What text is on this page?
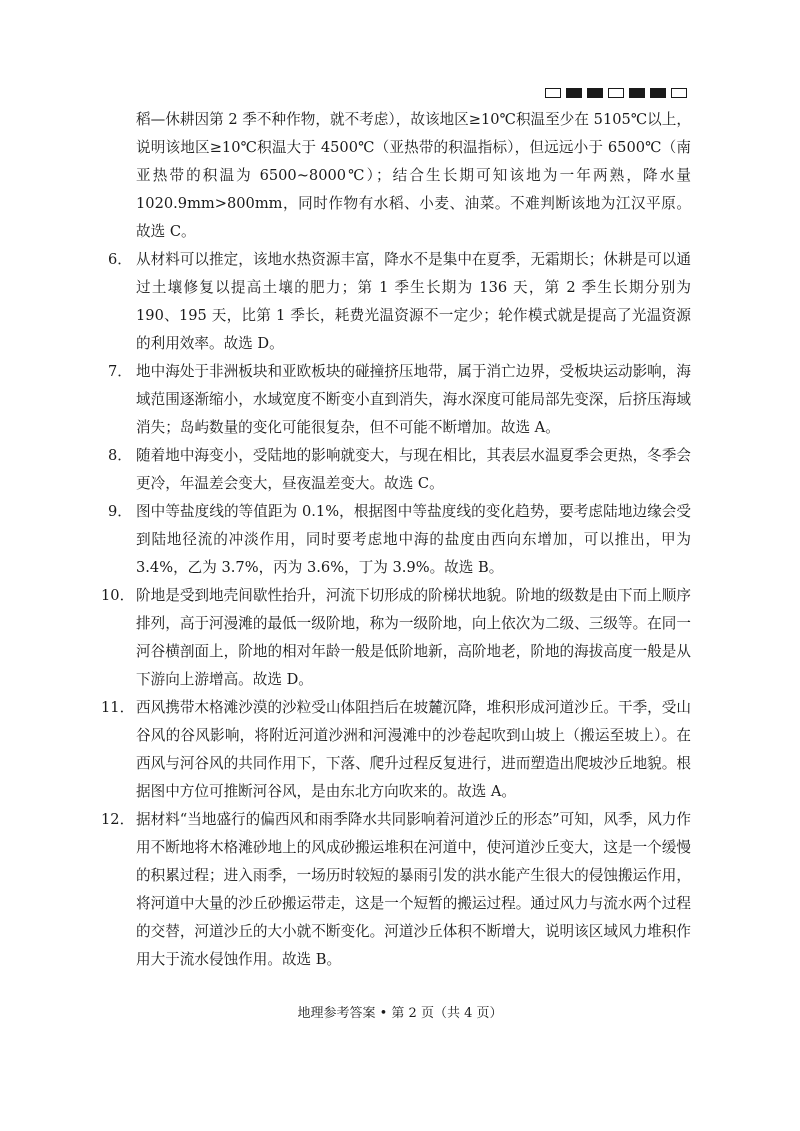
稻—休耕因第 2 季不种作物，就不考虑），故该地区≥10℃积温至少在 5105℃以上，说明该地区≥10℃积温大于 4500℃（亚热带的积温指标），但远远小于 6500℃（南亚热带的积温为 6500~8000℃）；结合生长期可知该地为一年两熟，降水量 1020.9mm>800mm，同时作物有水稻、小麦、油菜。不难判断该地为江汉平原。故选 C。

6． 从材料可以推定，该地水热资源丰富，降水不是集中在夏季，无霜期长；休耕是可以通过土壤修复以提高土壤的肥力；第 1 季生长期为 136 天，第 2 季生长期分别为 190、195 天，比第 1 季长，耗费光温资源不一定少；轮作模式就是提高了光温资源的利用效率。故选 D。

7． 地中海处于非洲板块和亚欧板块的碰撞挤压地带，属于消亡边界，受板块运动影响，海域范围逐渐缩小，水域宽度不断变小直到消失，海水深度可能局部先变深，后挤压海域消失；岛屿数量的变化可能很复杂，但不可能不断增加。故选 A。

8． 随着地中海变小，受陆地的影响就变大，与现在相比，其表层水温夏季会更热，冬季会更冷，年温差会变大，昼夜温差变大。故选 C。

9． 图中等盐度线的等值距为 0.1%，根据图中等盐度线的变化趋势，要考虑陆地边缘会受到陆地径流的冲淡作用，同时要考虑地中海的盐度由西向东增加，可以推出，甲为 3.4%，乙为 3.7%，丙为 3.6%，丁为 3.9%。故选 B。

10． 阶地是受到地壳间歇性抬升，河流下切形成的阶梯状地貌。阶地的级数是由下而上顺序排列，高于河漫滩的最低一级阶地，称为一级阶地，向上依次为二级、三级等。在同一河谷横剖面上，阶地的相对年龄一般是低阶地新，高阶地老，阶地的海拔高度一般是从下游向上游增高。故选 D。

11． 西风携带木格滩沙漠的沙粒受山体阻挡后在坡麓沉降，堆积形成河道沙丘。干季，受山谷风的谷风影响，将附近河道沙洲和河漫滩中的沙卷起吹到山坡上（搬运至坡上）。在西风与河谷风的共同作用下，下落、爬升过程反复进行，进而塑造出爬坡沙丘地貌。根据图中方位可推断河谷风，是由东北方向吹来的。故选 A。

12． 据材料“当地盛行的偏西风和雨季降水共同影响着河道沙丘的形态”可知，风季，风力作用不断地将木格滩砂地上的风成砂搬运堆积在河道中，使河道沙丘变大，这是一个缓慢的积累过程；进入雨季，一场历时较短的暴雨引发的洪水能产生很大的侵蚀搬运作用，将河道中大量的沙丘砂搬运带走，这是一个短暂的搬运过程。通过风力与流水两个过程的交替，河道沙丘的大小就不断变化。河道沙丘体积不断增大，说明该区域风力堆积作用大于流水侵蚀作用。故选 B。

地理参考答案 • 第 2 页（共 4 页）
